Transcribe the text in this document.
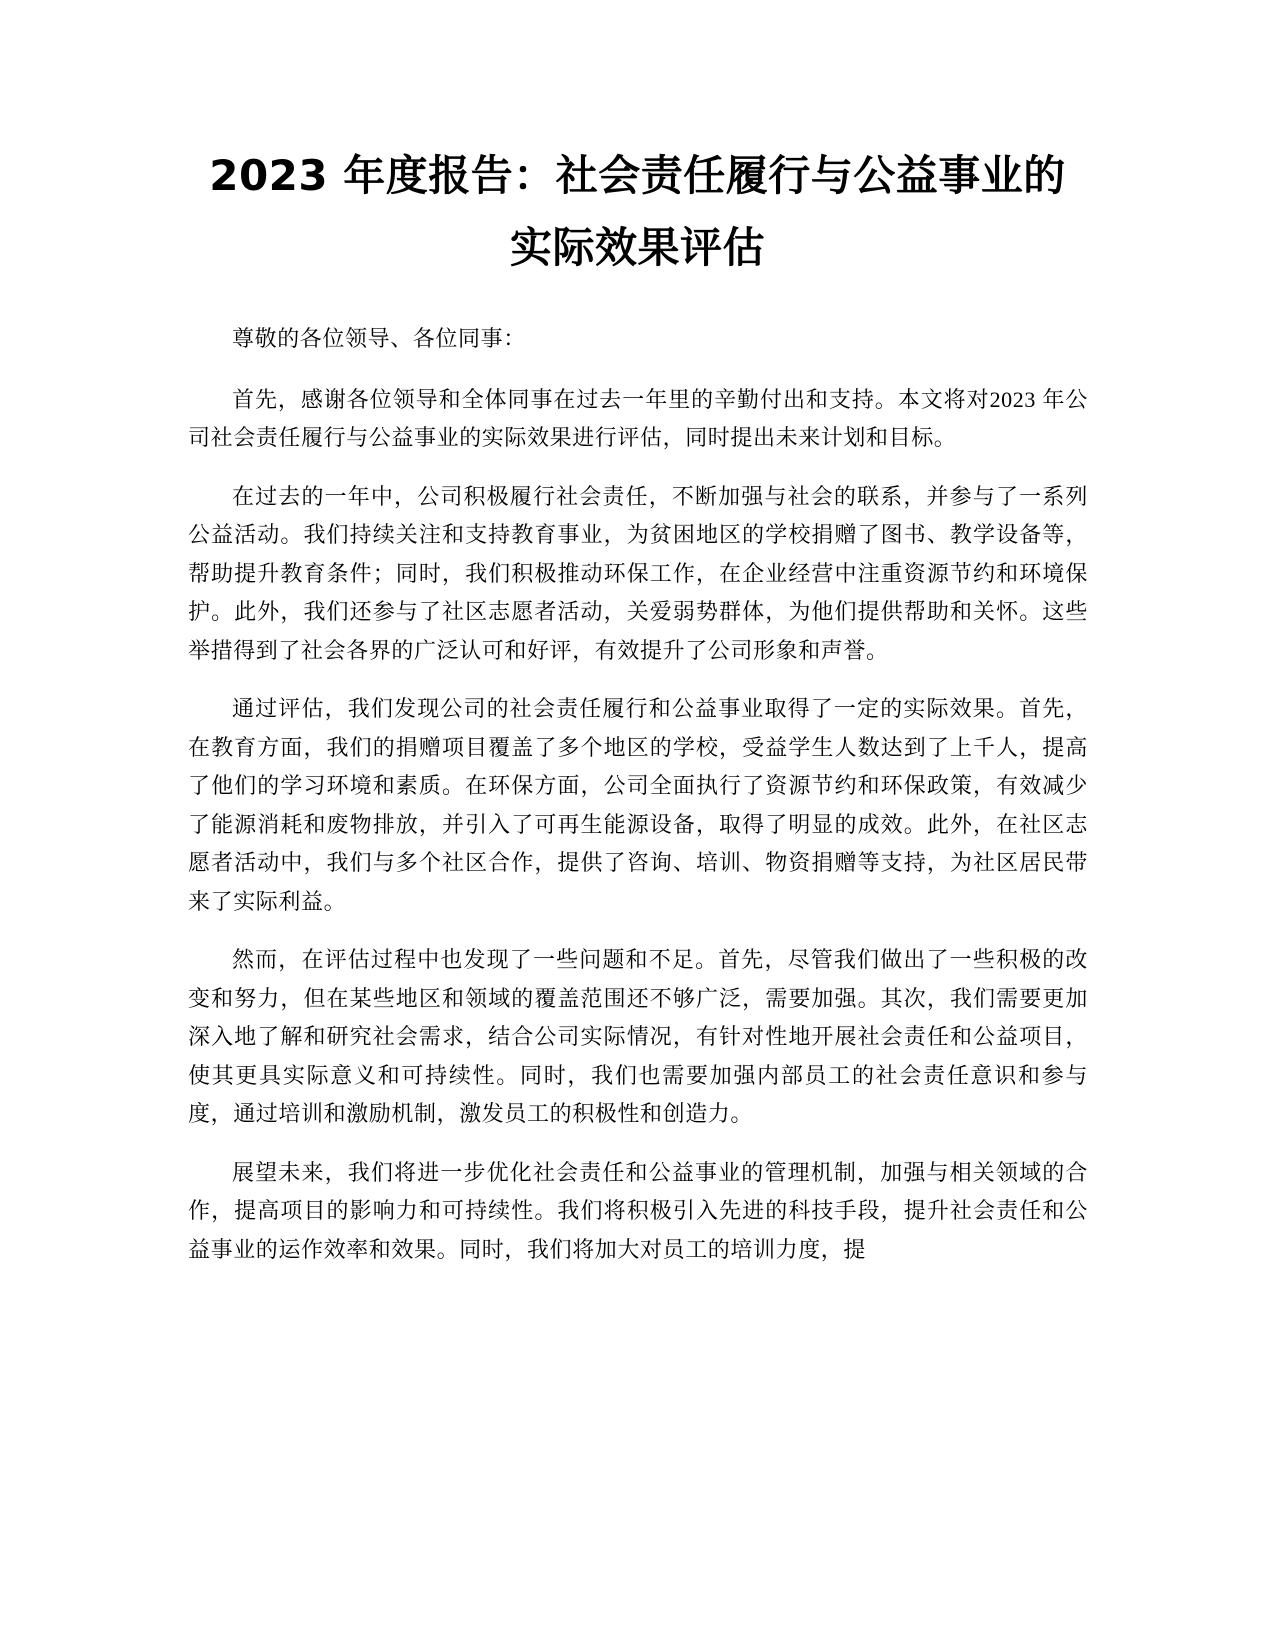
2023 年度报告：社会责任履行与公益事业的
实际效果评估

尊敬的各位领导、各位同事：

首先，感谢各位领导和全体同事在过去一年里的辛勤付出和支持。本文将对2023 年公司社会责任履行与公益事业的实际效果进行评估，同时提出未来计划和目标。

在过去的一年中，公司积极履行社会责任，不断加强与社会的联系，并参与了一系列公益活动。我们持续关注和支持教育事业，为贫困地区的学校捐赠了图书、教学设备等，帮助提升教育条件；同时，我们积极推动环保工作，在企业经营中注重资源节约和环境保护。此外，我们还参与了社区志愿者活动，关爱弱势群体，为他们提供帮助和关怀。这些举措得到了社会各界的广泛认可和好评，有效提升了公司形象和声誉。

通过评估，我们发现公司的社会责任履行和公益事业取得了一定的实际效果。首先，在教育方面，我们的捐赠项目覆盖了多个地区的学校，受益学生人数达到了上千人，提高了他们的学习环境和素质。在环保方面，公司全面执行了资源节约和环保政策，有效减少了能源消耗和废物排放，并引入了可再生能源设备，取得了明显的成效。此外，在社区志愿者活动中，我们与多个社区合作，提供了咨询、培训、物资捐赠等支持，为社区居民带来了实际利益。

然而，在评估过程中也发现了一些问题和不足。首先，尽管我们做出了一些积极的改变和努力，但在某些地区和领域的覆盖范围还不够广泛，需要加强。其次，我们需要更加深入地了解和研究社会需求，结合公司实际情况，有针对性地开展社会责任和公益项目，使其更具实际意义和可持续性。同时，我们也需要加强内部员工的社会责任意识和参与度，通过培训和激励机制，激发员工的积极性和创造力。

展望未来，我们将进一步优化社会责任和公益事业的管理机制，加强与相关领域的合作，提高项目的影响力和可持续性。我们将积极引入先进的科技手段，提升社会责任和公益事业的运作效率和效果。同时，我们将加大对员工的培训力度，提
